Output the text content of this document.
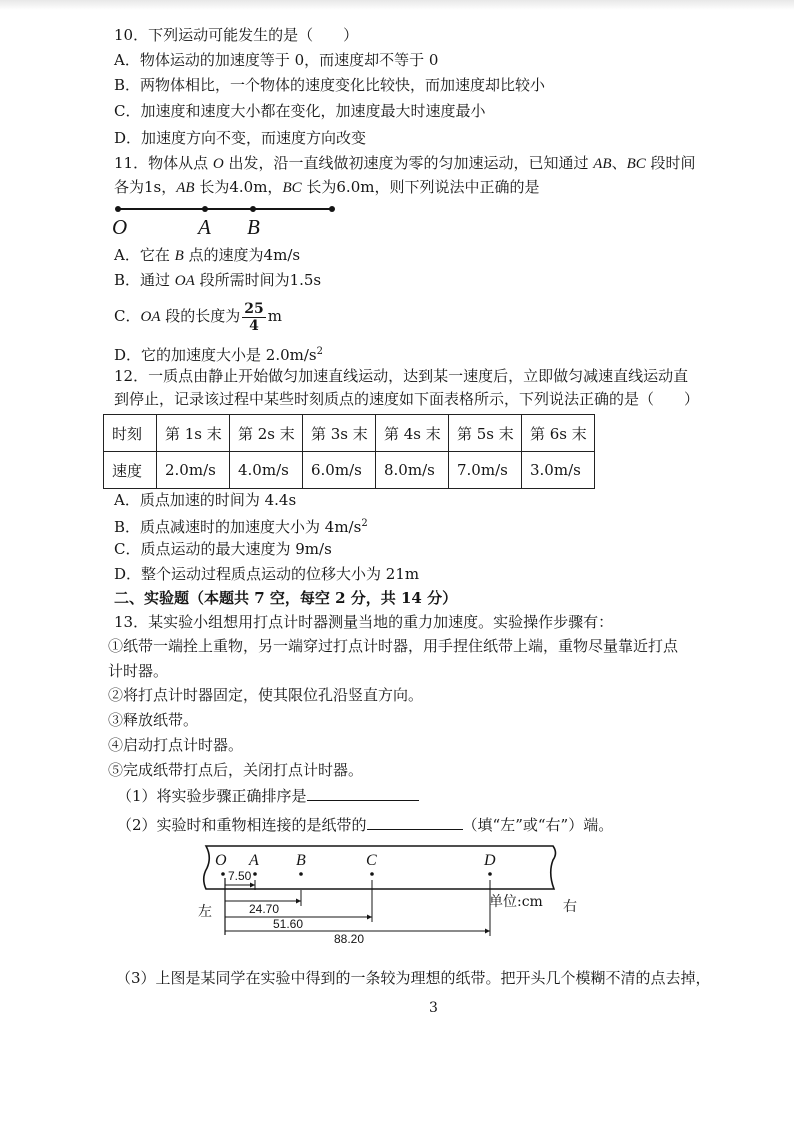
10．下列运动可能发生的是（　　）
A．物体运动的加速度等于 0，而速度却不等于 0
B．两物体相比，一个物体的速度变化比较快，而加速度却比较小
C．加速度和速度大小都在变化，加速度最大时速度最小
D．加速度方向不变，而速度方向改变
11．物体从点 O 出发，沿一直线做初速度为零的匀加速运动，已知通过 AB、BC 段时间
各为1s，AB 长为4.0m，BC 长为6.0m，则下列说法中正确的是
O	A B
A．它在 B 点的速度为4m/s
B．通过 OA 段所需时间为1.5s
C．OA 段的长度为 $\frac{25}{4}$ m
D．它的加速度大小是 $2.0m/s^2$
12．一质点由静止开始做匀加速直线运动，达到某一速度后，立即做匀减速直线运动直
到停止，记录该过程中某些时刻质点的速度如下面表格所示，下列说法正确的是（　　）
时刻	第 1s 末	第 2s 末	第 3s 末	第 4s 末	第 5s 末	第 6s 末
速度	2.0m/s	4.0m/s	6.0m/s	8.0m/s	7.0m/s	3.0m/s
A．质点加速的时间为 4.4s
B．质点减速时的加速度大小为 $4m/s^2$
C．质点运动的最大速度为 9m/s
D．整个运动过程质点运动的位移大小为 21m
二、实验题（本题共 7 空，每空 2 分，共 14 分）
13．某实验小组想用打点计时器测量当地的重力加速度。实验操作步骤有：
①纸带一端拴上重物，另一端穿过打点计时器，用手捏住纸带上端，重物尽量靠近打点
计时器。
②将打点计时器固定，使其限位孔沿竖直方向。
③释放纸带。
④启动打点计时器。
⑤完成纸带打点后，关闭打点计时器。
（1）将实验步骤正确排序是
（2）实验时和重物相连接的是纸带的	（填“左”或“右”）端。
O A B	C	D
7.50
24.70
51.60
88.20
单位:cm
左	右
（3）上图是某同学在实验中得到的一条较为理想的纸带。把开头几个模糊不清的点去掉，
3
